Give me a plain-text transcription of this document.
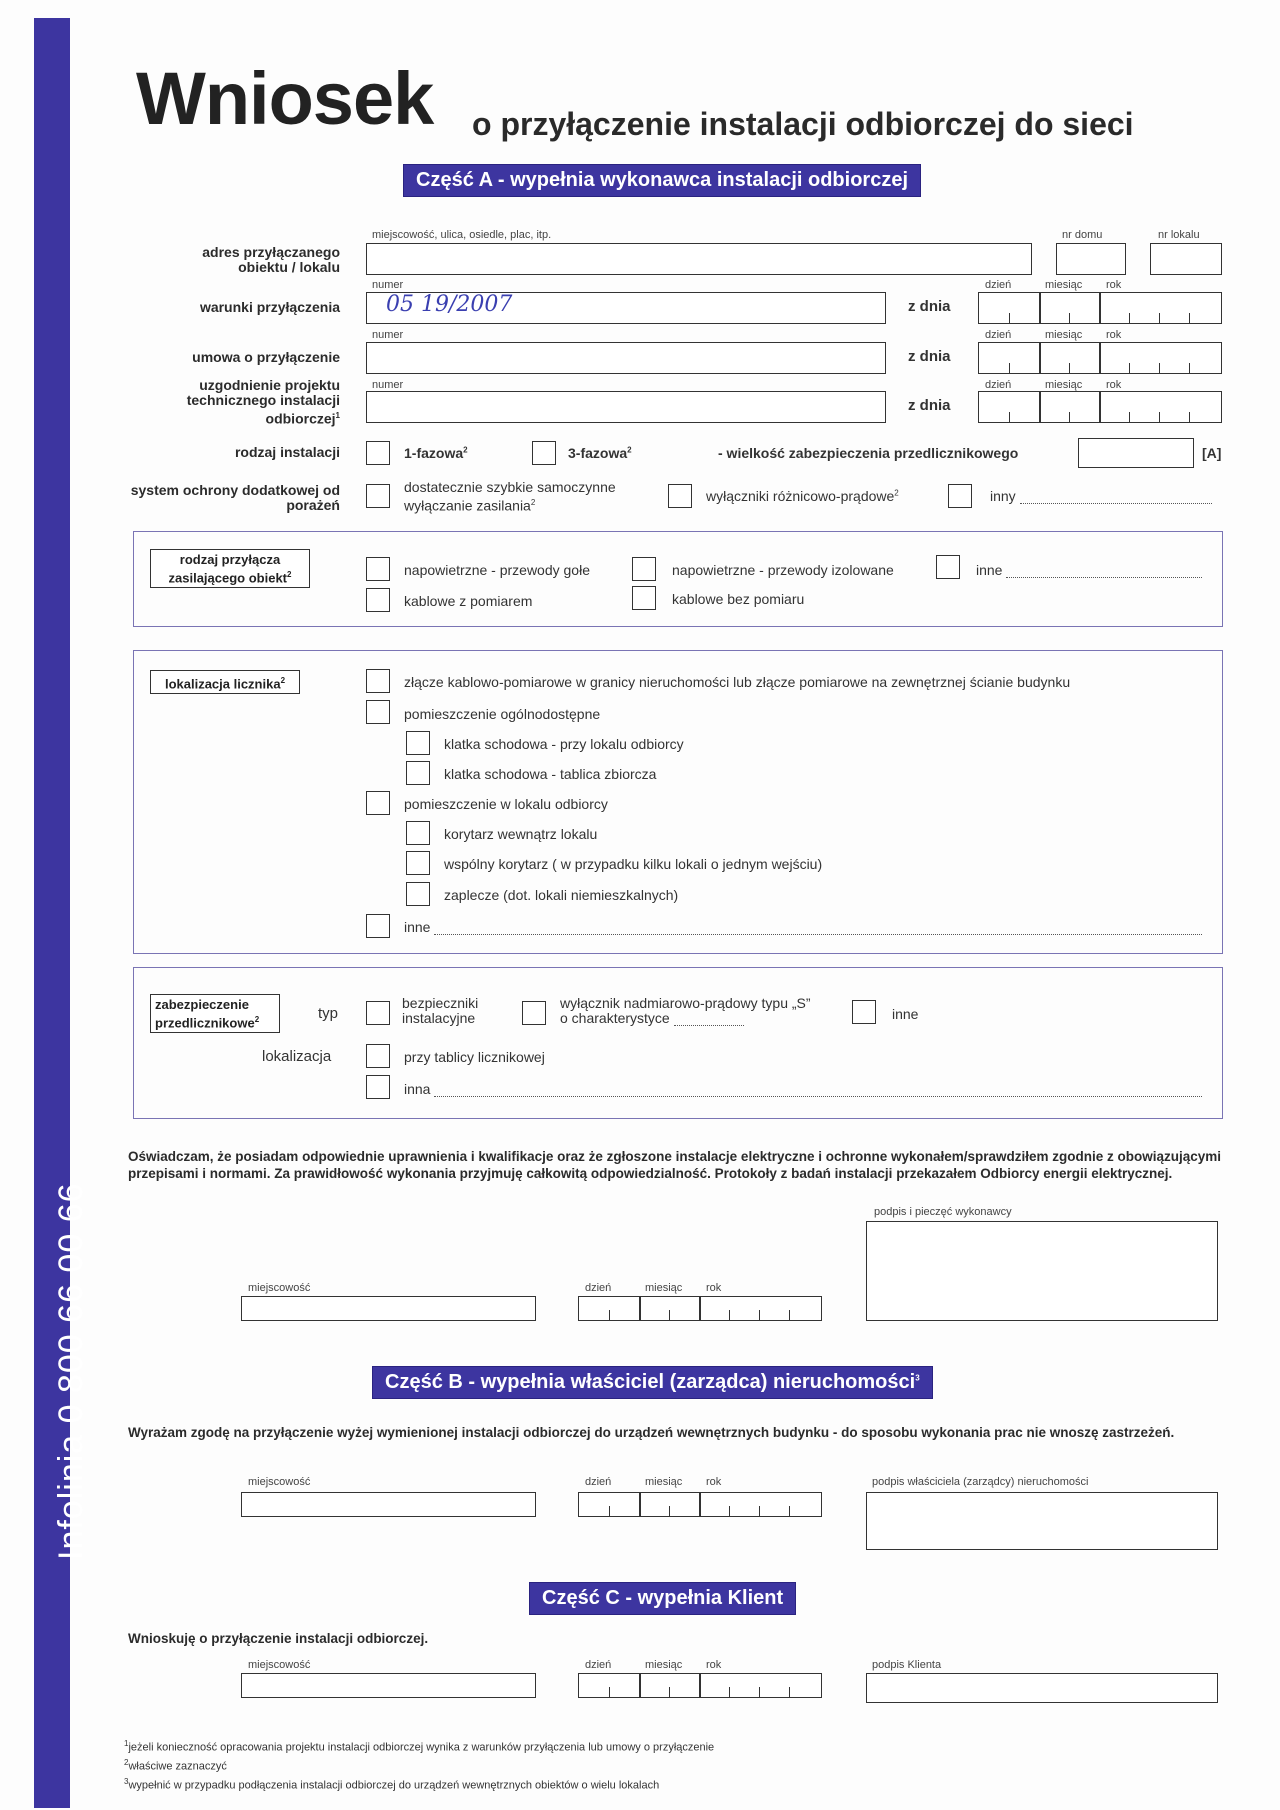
Infolinia 0 800 66 00 66
Wniosek o przyłączenie instalacji odbiorczej do sieci
Część A - wypełnia wykonawca instalacji odbiorczej
adres przyłączanego obiektu / lokalu
miejscowość, ulica, osiedle, plac, itp.	nr domu	nr lokalu
warunki przyłączenia
numer
05 19/2007	z dnia
umowa o przyłączenie
numer
z dnia
uzgodnienie projektu technicznego instalacji odbiorczej$^1$
numer
z dnia
dzień	miesiąc rok
dzień	miesiąc rok
dzień	miesiąc rok
rodzaj instalacji	1-fazowa$^2$	3-fazowa$^2$	- wielkość zabezpieczenia przedlicznikowego	[A]
system ochrony dodatkowej od porażeń
dostatecznie szybkie samoczynne wyłączanie zasilania$^2$	wyłączniki różnicowo-prądowe$^2$	inny
rodzaj przyłącza zasilającego obiekt$^2$	napowietrzne - przewody gołe	napowietrzne - przewody izolowane	inne
kablowe z pomiarem	kablowe bez pomiaru
lokalizacja licznika$^2$	złącze kablowo-pomiarowe w granicy nieruchomości lub złącze pomiarowe na zewnętrznej ścianie budynku
pomieszczenie ogólnodostępne
klatka schodowa - przy lokalu odbiorcy
klatka schodowa - tablica zbiorcza
pomieszczenie w lokalu odbiorcy
korytarz wewnątrz lokalu
wspólny korytarz ( w przypadku kilku lokali o jednym wejściu)
zaplecze (dot. lokali niemieszkalnych)
inne
zabezpieczenie przedlicznikowe$^2$	typ
bezpieczniki instalacyjne
wyłącznik nadmiarowo-prądowy typu „S” o charakterystyce	inne
lokalizacja	przy tablicy licznikowej
inna
Oświadczam, że posiadam odpowiednie uprawnienia i kwalifikacje oraz że zgłoszone instalacje elektryczne i ochronne wykonałem/sprawdziłem zgodnie z obowiązującymi przepisami i normami. Za prawidłowość wykonania przyjmuję całkowitą odpowiedzialność. Protokoły z badań instalacji przekazałem Odbiorcy energii elektrycznej.
podpis i pieczęć wykonawcy
miejscowość	dzień	miesiąc rok
Część B - wypełnia właściciel (zarządca) nieruchomości$^3$
Wyrażam zgodę na przyłączenie wyżej wymienionej instalacji odbiorczej do urządzeń wewnętrznych budynku - do sposobu wykonania prac nie wnoszę zastrzeżeń.
miejscowość	dzień	miesiąc rok	podpis właściciela (zarządcy) nieruchomości
Część C - wypełnia Klient
Wnioskuję o przyłączenie instalacji odbiorczej.
miejscowość	dzień	miesiąc rok	podpis Klienta
$^1$jeżeli konieczność opracowania projektu instalacji odbiorczej wynika z warunków przyłączenia lub umowy o przyłączenie
$^2$właściwe zaznaczyć
$^3$wypełnić w przypadku podłączenia instalacji odbiorczej do urządzeń wewnętrznych obiektów o wielu lokalach
